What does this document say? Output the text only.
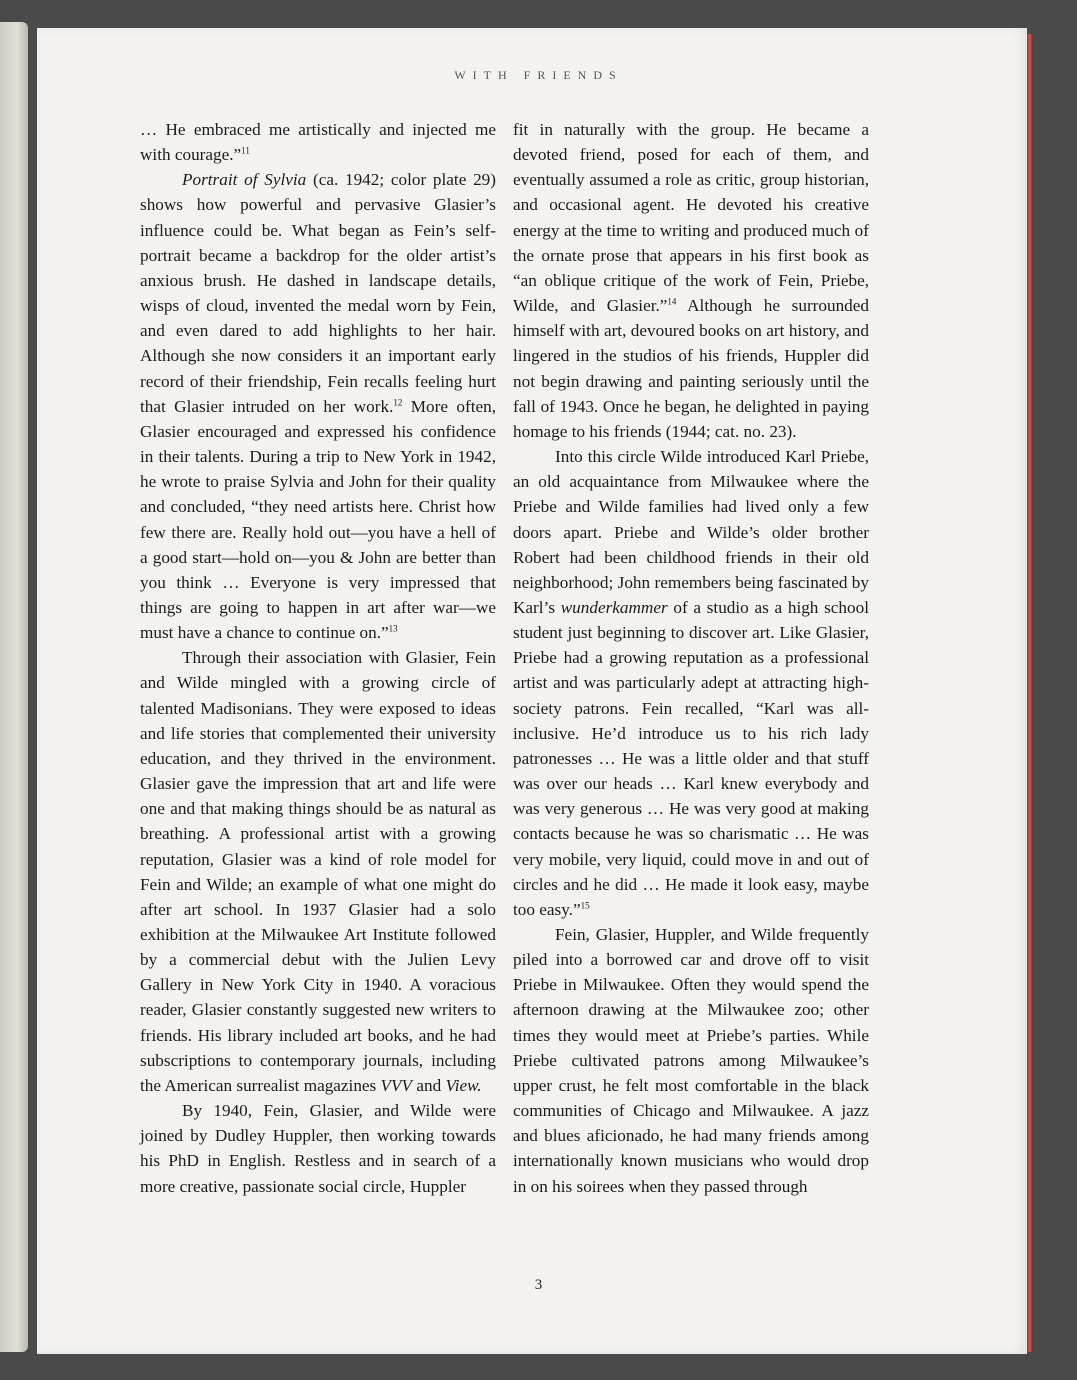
WITH FRIENDS

… He embraced me artistically and injected me with courage.”$^{11}$

Portrait of Sylvia (ca. 1942; color plate 29) shows how powerful and pervasive Glasier’s influence could be. What began as Fein’s self-portrait became a backdrop for the older artist’s anxious brush. He dashed in landscape details, wisps of cloud, invented the medal worn by Fein, and even dared to add highlights to her hair. Although she now considers it an important early record of their friendship, Fein recalls feeling hurt that Glasier intruded on her work.$^{12}$ More often, Glasier encouraged and expressed his confidence in their talents. During a trip to New York in 1942, he wrote to praise Sylvia and John for their quality and concluded, “they need artists here. Christ how few there are. Really hold out—you have a hell of a good start—hold on—you & John are better than you think … Everyone is very impressed that things are going to happen in art after war—we must have a chance to continue on.”$^{13}$

Through their association with Glasier, Fein and Wilde mingled with a growing circle of talented Madisonians. They were exposed to ideas and life stories that complemented their university education, and they thrived in the environment. Glasier gave the impression that art and life were one and that making things should be as natural as breathing. A professional artist with a growing reputation, Glasier was a kind of role model for Fein and Wilde; an example of what one might do after art school. In 1937 Glasier had a solo exhibition at the Milwaukee Art Institute followed by a commercial debut with the Julien Levy Gallery in New York City in 1940. A voracious reader, Glasier constantly suggested new writers to friends. His library included art books, and he had subscriptions to contemporary journals, including the American surrealist magazines VVV and View.

By 1940, Fein, Glasier, and Wilde were joined by Dudley Huppler, then working towards his PhD in English. Restless and in search of a more creative, passionate social circle, Huppler

fit in naturally with the group. He became a devoted friend, posed for each of them, and eventually assumed a role as critic, group historian, and occasional agent. He devoted his creative energy at the time to writing and produced much of the ornate prose that appears in his first book as “an oblique critique of the work of Fein, Priebe, Wilde, and Glasier.”$^{14}$ Although he surrounded himself with art, devoured books on art history, and lingered in the studios of his friends, Huppler did not begin drawing and painting seriously until the fall of 1943. Once he began, he delighted in paying homage to his friends (1944; cat. no. 23).

Into this circle Wilde introduced Karl Priebe, an old acquaintance from Milwaukee where the Priebe and Wilde families had lived only a few doors apart. Priebe and Wilde’s older brother Robert had been childhood friends in their old neighborhood; John remembers being fascinated by Karl’s wunderkammer of a studio as a high school student just beginning to discover art. Like Glasier, Priebe had a growing reputation as a professional artist and was particularly adept at attracting high-society patrons. Fein recalled, “Karl was all-inclusive. He’d introduce us to his rich lady patronesses … He was a little older and that stuff was over our heads … Karl knew everybody and was very generous … He was very good at making contacts because he was so charismatic … He was very mobile, very liquid, could move in and out of circles and he did … He made it look easy, maybe too easy.”$^{15}$

Fein, Glasier, Huppler, and Wilde frequently piled into a borrowed car and drove off to visit Priebe in Milwaukee. Often they would spend the afternoon drawing at the Milwaukee zoo; other times they would meet at Priebe’s parties. While Priebe cultivated patrons among Milwaukee’s upper crust, he felt most comfortable in the black communities of Chicago and Milwaukee. A jazz and blues aficionado, he had many friends among internationally known musicians who would drop in on his soirees when they passed through

3
